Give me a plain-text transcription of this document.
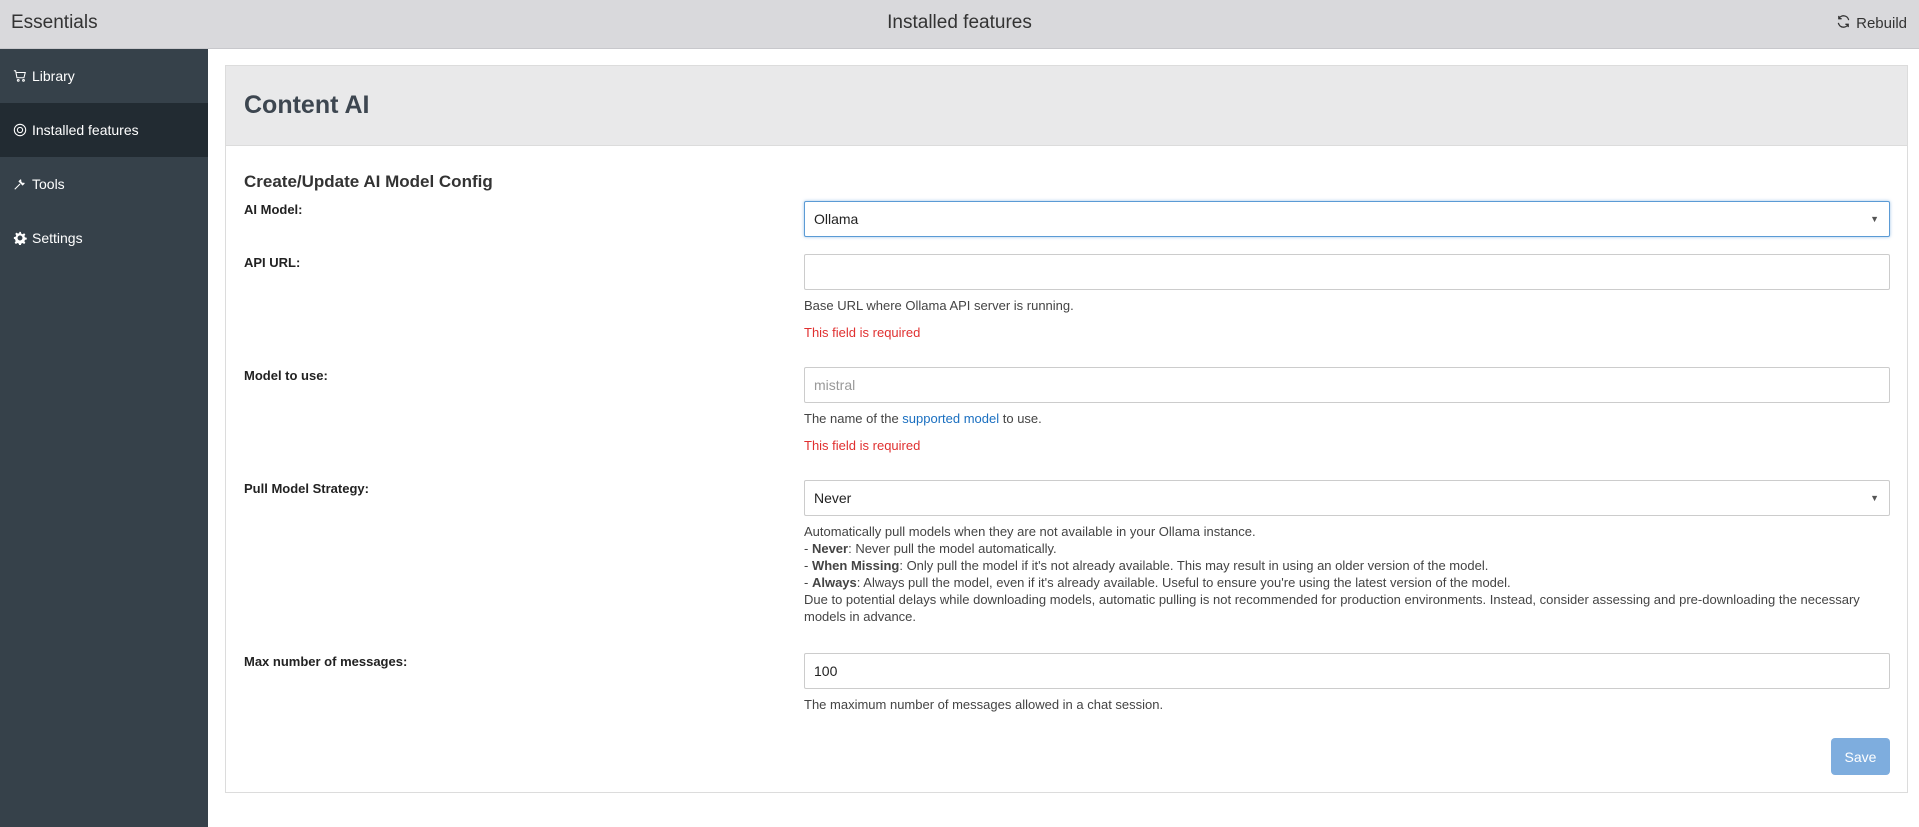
Essentials	Installed features	Rebuild
Library
Installed features
Tools
Settings
Content AI
Create/Update AI Model Config
AI Model:
Ollama	▼
API URL:
Base URL where Ollama API server is running.
This field is required
Model to use:
mistral
The name of the supported model to use.
This field is required
Pull Model Strategy:
Never	▼
Automatically pull models when they are not available in your Ollama instance.
- Never: Never pull the model automatically.
- When Missing: Only pull the model if it's not already available. This may result in using an older version of the model.
- Always: Always pull the model, even if it's already available. Useful to ensure you're using the latest version of the model.
Due to potential delays while downloading models, automatic pulling is not recommended for production environments. Instead, consider assessing and pre-downloading the necessary models in advance.
Max number of messages:
100
The maximum number of messages allowed in a chat session.
Save
